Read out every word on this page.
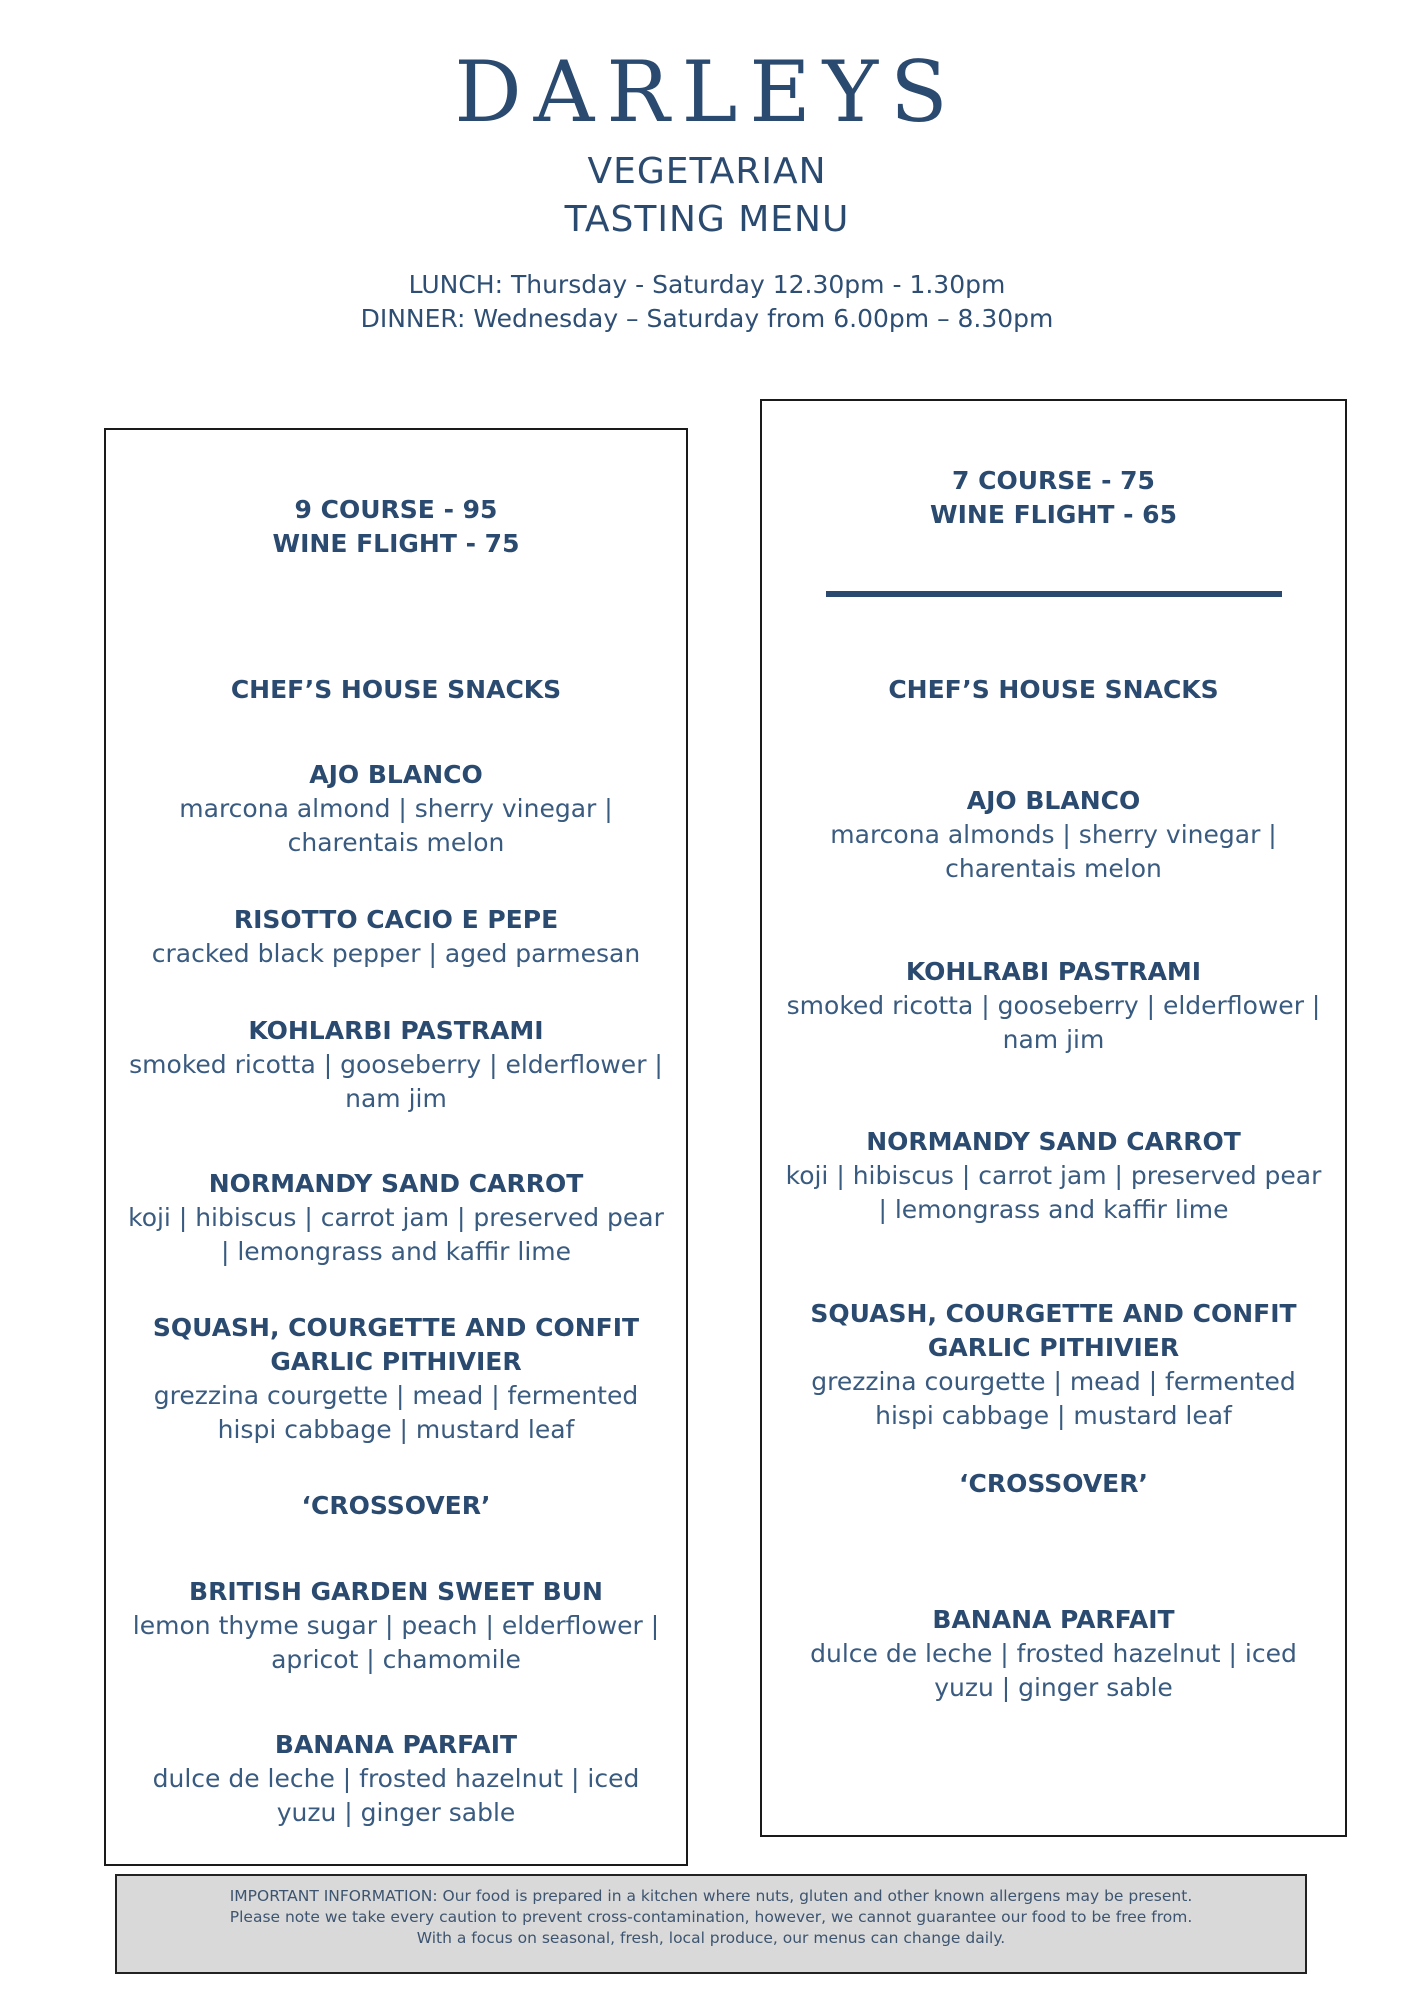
DARLEYS
VEGETARIAN
TASTING MENU
LUNCH: Thursday - Saturday 12.30pm - 1.30pm
DINNER: Wednesday – Saturday from 6.00pm – 8.30pm
9 COURSE - 95
WINE FLIGHT - 75
CHEF’S HOUSE SNACKS
AJO BLANCO
marcona almond | sherry vinegar |
charentais melon
RISOTTO CACIO E PEPE
cracked black pepper | aged parmesan
KOHLARBI PASTRAMI
smoked ricotta | gooseberry | elderflower |
nam jim
NORMANDY SAND CARROT
koji | hibiscus | carrot jam | preserved pear
| lemongrass and kaffir lime
SQUASH, COURGETTE AND CONFIT
GARLIC PITHIVIER
grezzina courgette | mead | fermented
hispi cabbage | mustard leaf
‘CROSSOVER’
BRITISH GARDEN SWEET BUN
lemon thyme sugar | peach | elderflower |
apricot | chamomile
BANANA PARFAIT
dulce de leche | frosted hazelnut | iced
yuzu | ginger sable
7 COURSE - 75
WINE FLIGHT - 65
CHEF’S HOUSE SNACKS
AJO BLANCO
marcona almonds | sherry vinegar |
charentais melon
KOHLRABI PASTRAMI
smoked ricotta | gooseberry | elderflower |
nam jim
NORMANDY SAND CARROT
koji | hibiscus | carrot jam | preserved pear
| lemongrass and kaffir lime
SQUASH, COURGETTE AND CONFIT
GARLIC PITHIVIER
grezzina courgette | mead | fermented
hispi cabbage | mustard leaf
‘CROSSOVER’
BANANA PARFAIT
dulce de leche | frosted hazelnut | iced
yuzu | ginger sable
IMPORTANT INFORMATION: Our food is prepared in a kitchen where nuts, gluten and other known allergens may be present.
Please note we take every caution to prevent cross-contamination, however, we cannot guarantee our food to be free from.
With a focus on seasonal, fresh, local produce, our menus can change daily.
